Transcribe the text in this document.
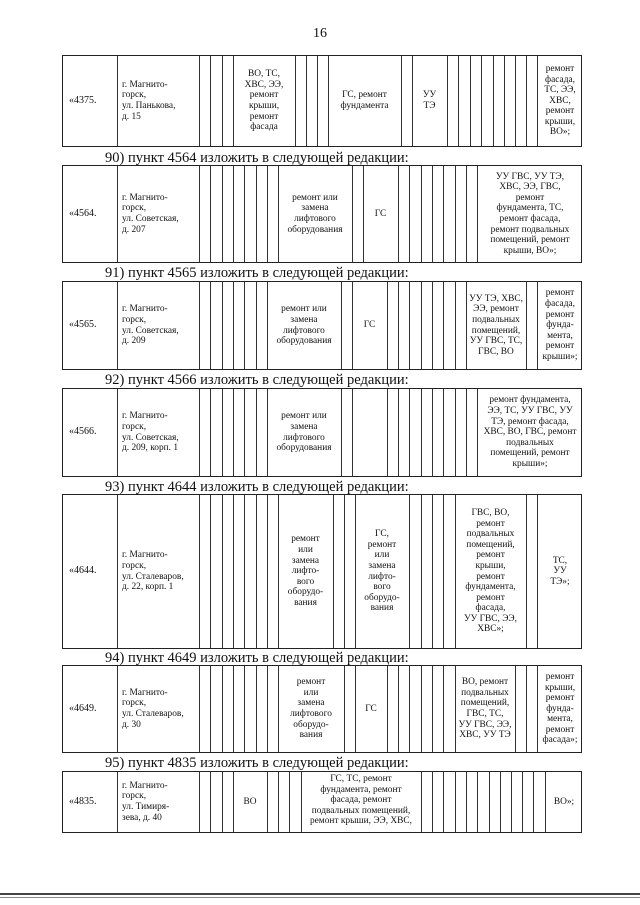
16
«4375.
г. Магнито-
горск,
ул. Панькова,
д. 15
ВО, ТС,
ХВС, ЭЭ,
ремонт
крыши,
ремонт
фасада
ГС, ремонт
фундамента
УУ
ТЭ
ремонт
фасада,
ТС, ЭЭ,
ХВС,
ремонт
крыши,
ВО»;
90) пункт 4564 изложить в следующей редакции:
«4564.
г. Магнито-
горск,
ул. Советская,
д. 207
ремонт или
замена
лифтового
оборудования
ГС
УУ ГВС, УУ ТЭ,
ХВС, ЭЭ, ГВС,
ремонт
фундамента, ТС,
ремонт фасада,
ремонт подвальных
помещений, ремонт
крыши, ВО»;
91) пункт 4565 изложить в следующей редакции:
«4565.
г. Магнито-
горск,
ул. Советская,
д. 209
ремонт или
замена
лифтового
оборудования
ГС
УУ ТЭ, ХВС,
ЭЭ, ремонт
подвальных
помещений,
УУ ГВС, ТС,
ГВС, ВО
ремонт
фасада,
ремонт
фунда-
мента,
ремонт
крыши»;
92) пункт 4566 изложить в следующей редакции:
«4566.
г. Магнито-
горск,
ул. Советская,
д. 209, корп. 1
ремонт или
замена
лифтового
оборудования
ремонт фундамента,
ЭЭ, ТС, УУ ГВС, УУ
ТЭ, ремонт фасада,
ХВС, ВО, ГВС, ремонт
подвальных
помещений, ремонт
крыши»;
93) пункт 4644 изложить в следующей редакции:
«4644.
г. Магнито-
горск,
ул. Сталеваров,
д. 22, корп. 1
ремонт
или
замена
лифто-
вого
оборудо-
вания
ГС,
ремонт
или
замена
лифто-
вого
оборудо-
вания
ГВС, ВО,
ремонт
подвальных
помещений,
ремонт
крыши,
ремонт
фундамента,
ремонт
фасада,
УУ ГВС, ЭЭ,
ХВС»;
ТС,
УУ
ТЭ»;
94) пункт 4649 изложить в следующей редакции:
«4649.
г. Магнито-
горск,
ул. Сталеваров,
д. 30
ремонт
или
замена
лифтового
оборудо-
вания
ГС
ВО, ремонт
подвальных
помещений,
ГВС, ТС,
УУ ГВС, ЭЭ,
ХВС, УУ ТЭ
ремонт
крыши,
ремонт
фунда-
мента,
ремонт
фасада»;
95) пункт 4835 изложить в следующей редакции:
«4835.
г. Магнито-
горск,
ул. Тимиря-
зева, д. 40
ВО
ГС, ТС, ремонт
фундамента, ремонт
фасада, ремонт
подвальных помещений,
ремонт крыши, ЭЭ, ХВС,
ВО»;
